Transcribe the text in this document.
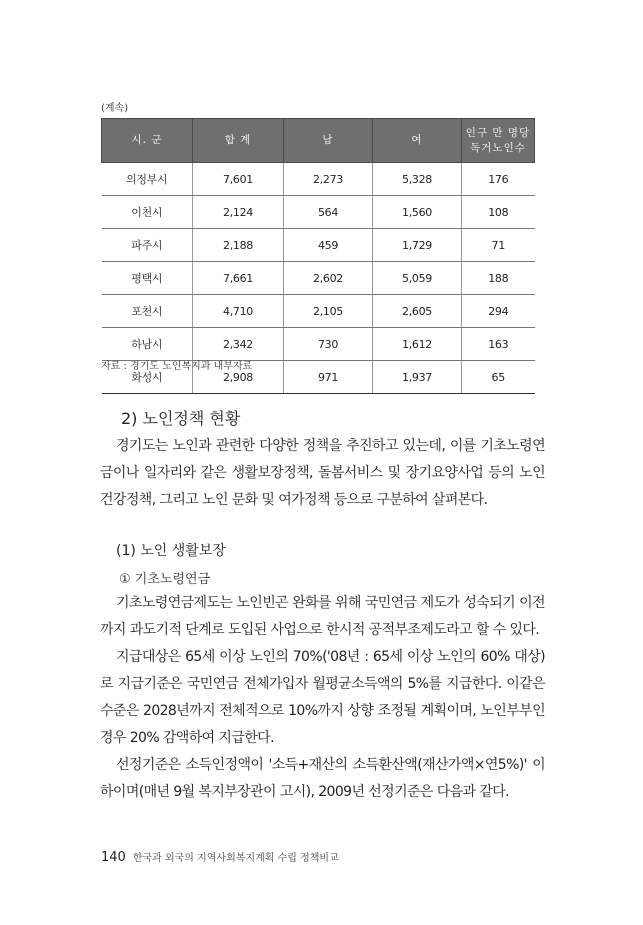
(계속)
시. 군	합 계	남	여	인구 만 명당
독거노인수
의정부시	7,601	2,273	5,328	176
이천시	2,124	564	1,560	108
파주시	2,188	459	1,729	71
평택시	7,661	2,602	5,059	188
포천시	4,710	2,105	2,605	294
하남시	2,342	730	1,612	163
화성시	2,908	971	1,937	65
자료 : 경기도 노인복지과 내부자료
2) 노인정책 현황

경기도는 노인과 관련한 다양한 정책을 추진하고 있는데, 이를 기초노령연금이나 일자리와 같은 생활보장정책, 돌봄서비스 및 장기요양사업 등의 노인건강정책, 그리고 노인 문화 및 여가정책 등으로 구분하여 살펴본다.

(1) 노인 생활보장
① 기초노령연금

기초노령연금제도는 노인빈곤 완화를 위해 국민연금 제도가 성숙되기 이전까지 과도기적 단계로 도입된 사업으로 한시적 공적부조제도라고 할 수 있다.

지급대상은 65세 이상 노인의 70%('08년 : 65세 이상 노인의 60% 대상)로 지급기준은 국민연금 전체가입자 월평균소득액의 5%를 지급한다. 이같은 수준은 2028년까지 전체적으로 10%까지 상향 조정될 계획이며, 노인부부인 경우 20% 감액하여 지급한다.

선정기준은 소득인정액이 '소득+재산의 소득환산액(재산가액×연5%)' 이하이며(매년 9월 복지부장관이 고시), 2009년 선정기준은 다음과 같다.

140 한국과 외국의 지역사회복지계획 수립 정책비교
